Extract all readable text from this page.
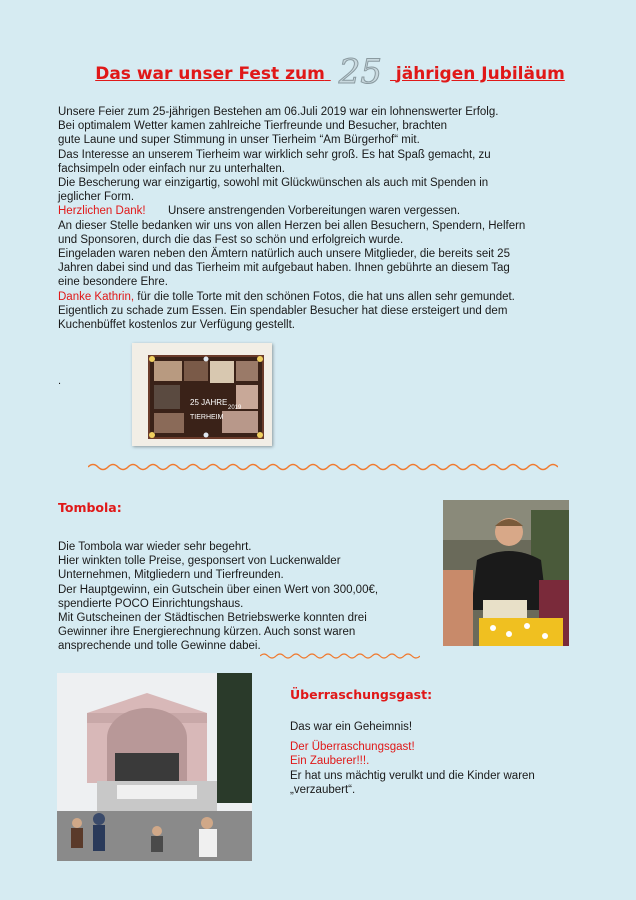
Das war unser Fest zum 25 jährigen Jubiläum

Unsere Feier zum 25-jährigen Bestehen am 06.Juli 2019 war ein lohnenswerter Erfolg.

Bei optimalem Wetter kamen zahlreiche Tierfreunde und Besucher, brachten

gute Laune und super Stimmung in unser Tierheim “Am Bürgerhof“ mit.

Das Interesse an unserem Tierheim war wirklich sehr groß. Es hat Spaß gemacht, zu

fachsimpeln oder einfach nur zu unterhalten.

Die Bescherung war einzigartig, sowohl mit Glückwünschen als auch mit Spenden in

jeglicher Form.

Herzlichen Dank!       Unsere anstrengenden Vorbereitungen waren vergessen.

An dieser Stelle bedanken wir uns von allen Herzen bei allen Besuchern, Spendern, Helfern

und Sponsoren, durch die das Fest so schön und erfolgreich wurde.

Eingeladen waren neben den Ämtern natürlich auch unsere Mitglieder, die bereits seit 25

Jahren dabei sind und das Tierheim mit aufgebaut haben. Ihnen gebührte an diesem Tag

eine besondere Ehre.

Danke Kathrin, für die tolle Torte mit den schönen Fotos, die hat uns allen sehr gemundet.

Eigentlich zu schade zum Essen. Ein spendabler Besucher hat diese ersteigert und dem

Kuchenbüffet kostenlos zur Verfügung gestellt.

25 JAHRE
TIERHEIM
2019
.
Tombola:

Die Tombola war wieder sehr begehrt.

Hier winkten tolle Preise, gesponsert von Luckenwalder

Unternehmen, Mitgliedern und Tierfreunden.

Der Hauptgewinn, ein Gutschein über einen Wert von 300,00€,

spendierte POCO Einrichtungshaus.

Mit Gutscheinen der Städtischen Betriebswerke konnten drei

Gewinner ihre Energierechnung kürzen. Auch sonst waren

ansprechende und tolle Gewinne dabei.

Überraschungsgast:

Das war ein Geheimnis!

Der Überraschungsgast!

Ein Zauberer!!!.

Er hat uns mächtig verulkt und die Kinder waren

„verzaubert“.
